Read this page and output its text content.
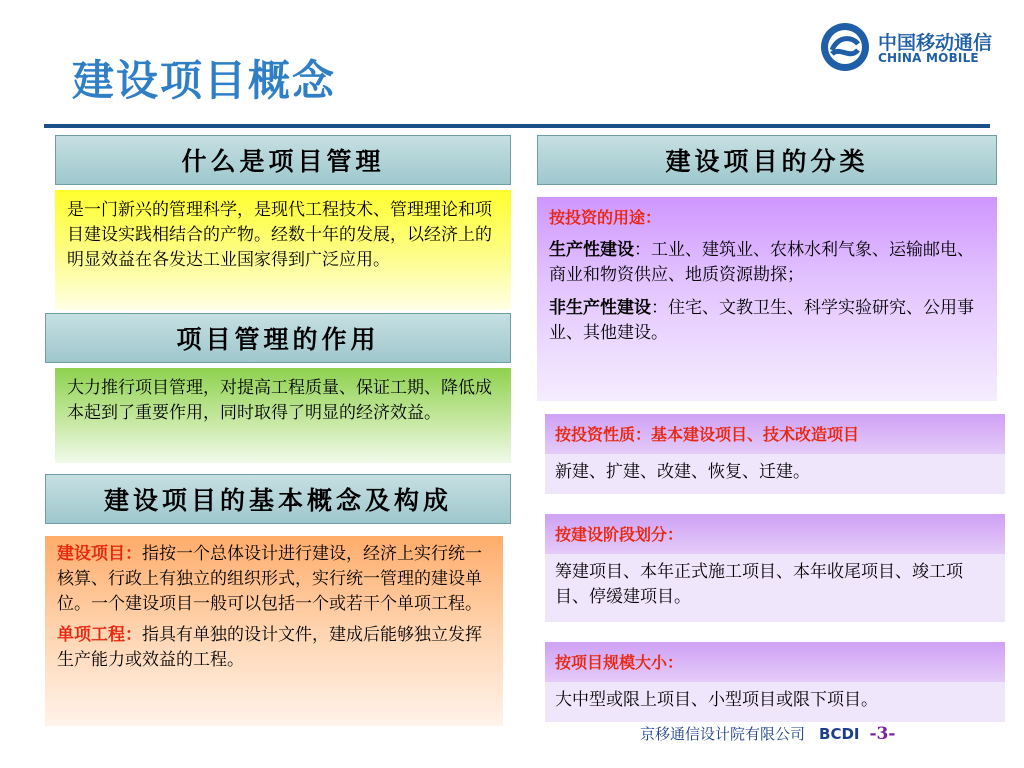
建设项目概念
中国移动通信
CHINA MOBILE
什么是项目管理

是一门新兴的管理科学，是现代工程技术、管理理论和项目建设实践相结合的产物。经数十年的发展，以经济上的明显效益在各发达工业国家得到广泛应用。

项目管理的作用

大力推行项目管理，对提高工程质量、保证工期、降低成本起到了重要作用，同时取得了明显的经济效益。

建设项目的基本概念及构成

建设项目：指按一个总体设计进行建设，经济上实行统一核算、行政上有独立的组织形式，实行统一管理的建设单位。一个建设项目一般可以包括一个或若干个单项工程。

单项工程：指具有单独的设计文件，建成后能够独立发挥生产能力或效益的工程。

建设项目的分类

按投资的用途：

生产性建设：工业、建筑业、农林水利气象、运输邮电、商业和物资供应、地质资源勘探；

非生产性建设：住宅、文教卫生、科学实验研究、公用事业、其他建设。

按投资性质：基本建设项目、技术改造项目

新建、扩建、改建、恢复、迁建。

按建设阶段划分：

筹建项目、本年正式施工项目、本年收尾项目、竣工项目、停缓建项目。

按项目规模大小：

大中型或限上项目、小型项目或限下项目。

京移通信设计院有限公司 BCDI -3-
